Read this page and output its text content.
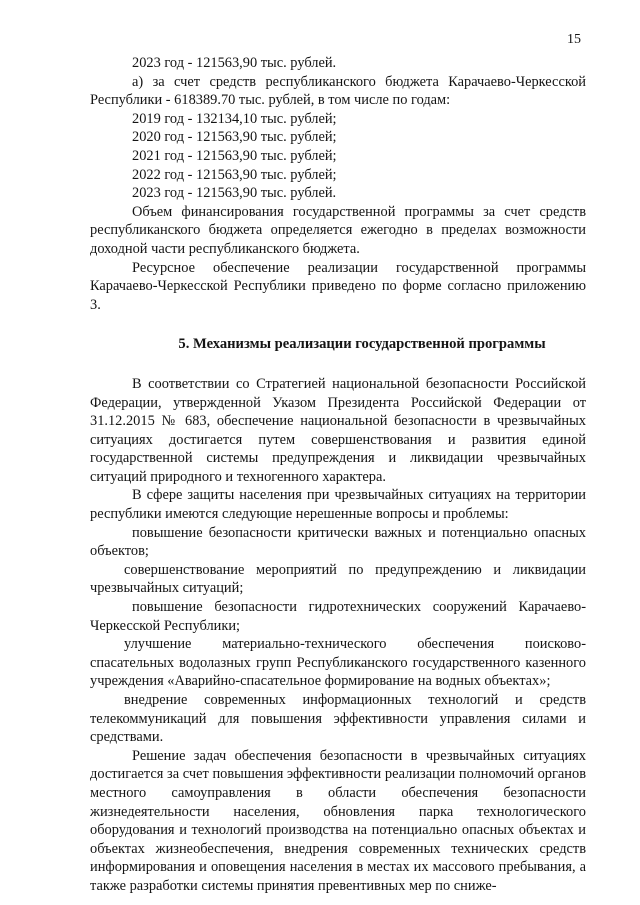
15

2023 год - 121563,90 тыс. рублей.

а) за счет средств республиканского бюджета Карачаево-Черкесской Республики - 618389.70 тыс. рублей, в том числе по годам:

2019 год - 132134,10 тыс. рублей;

2020 год - 121563,90 тыс. рублей;

2021 год - 121563,90 тыс. рублей;

2022 год - 121563,90 тыс. рублей;

2023 год - 121563,90 тыс. рублей.

Объем финансирования государственной программы за счет средств республиканского бюджета определяется ежегодно в пределах возможности доходной части республиканского бюджета.

Ресурсное обеспечение реализации государственной программы Карачаево-Черкесской Республики приведено по форме согласно приложению 3.

5. Механизмы реализации государственной программы

В соответствии со Стратегией национальной безопасности Российской Федерации, утвержденной Указом Президента Российской Федерации от 31.12.2015 № 683, обеспечение национальной безопасности в чрезвычайных ситуациях достигается путем совершенствования и развития единой государственной системы предупреждения и ликвидации чрезвычайных ситуаций природного и техногенного характера.

В сфере защиты населения при чрезвычайных ситуациях на территории республики имеются следующие нерешенные вопросы и проблемы:

повышение безопасности критически важных и потенциально опасных объектов;

совершенствование мероприятий по предупреждению и ликвидации чрезвычайных ситуаций;

повышение безопасности гидротехнических сооружений Карачаево-Черкесской Республики;

улучшение материально-технического обеспечения поисково-спасательных водолазных групп Республиканского государственного казенного учреждения «Аварийно-спасательное формирование на водных объектах»;

внедрение современных информационных технологий и средств телекоммуникаций для повышения эффективности управления силами и средствами.

Решение задач обеспечения безопасности в чрезвычайных ситуациях достигается за счет повышения эффективности реализации полномочий органов местного самоуправления в области обеспечения безопасности жизнедеятельности населения, обновления парка технологического оборудования и технологий производства на потенциально опасных объектах и объектах жизнеобеспечения, внедрения современных технических средств информирования и оповещения населения в местах их массового пребывания, а также разработки системы принятия превентивных мер по сниже-
